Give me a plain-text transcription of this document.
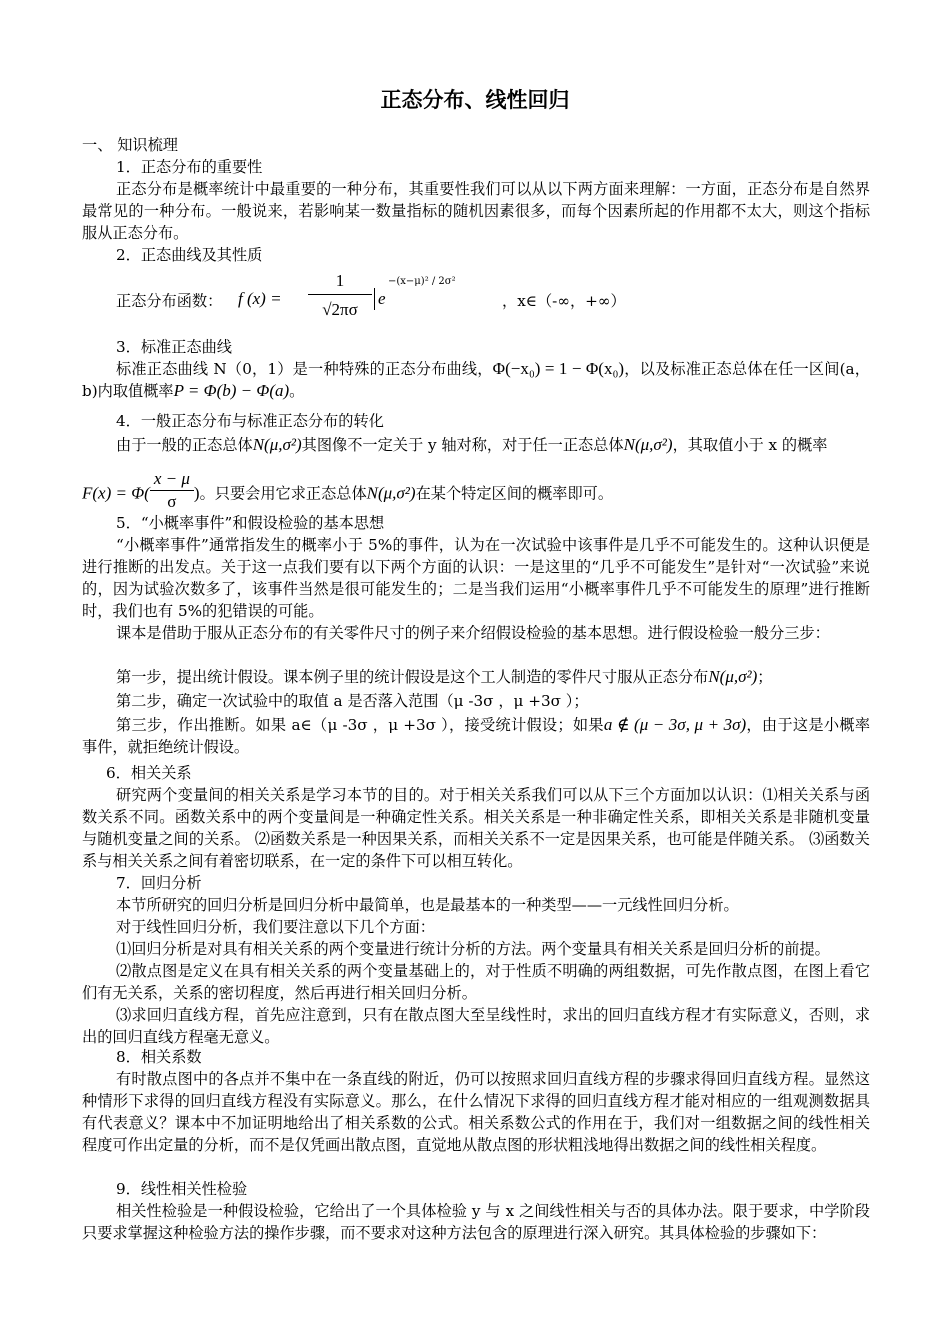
正态分布、线性回归
一、 知识梳理
1．正态分布的重要性
正态分布是概率统计中最重要的一种分布，其重要性我们可以从以下两方面来理解：一方面，正态分布是自然界最常见的一种分布。一般说来，若影响某一数量指标的随机因素很多，而每个因素所起的作用都不太大，则这个指标服从正态分布。
2．正态曲线及其性质
正态分布函数： f $(x) = \frac{1}{√2\pi\sigma}$ e
−(x−μ)² / 2σ²
，x∈（-∞，+∞）
3．标准正态曲线
标准正态曲线 N（0，1）是一种特殊的正态分布曲线，Φ(−x₀) = 1 − Φ(x₀)，以及标准正态总体在任一区间(a，b)内取值概率P = Φ(b) − Φ(a)。
4．一般正态分布与标准正态分布的转化
由于一般的正态总体N(μ,σ²)其图像不一定关于 y 轴对称，对于任一正态总体N(μ,σ²)，其取值小于 x 的概率
$F(x) = \Phi( \frac{x - \mu}{\sigma}$ )。只要会用它求正态总体N(μ,σ²)在某个特定区间的概率即可。
5．“小概率事件”和假设检验的基本思想
“小概率事件”通常指发生的概率小于 5%的事件，认为在一次试验中该事件是几乎不可能发生的。这种认识便是进行推断的出发点。关于这一点我们要有以下两个方面的认识：一是这里的“几乎不可能发生”是针对“一次试验”来说的，因为试验次数多了，该事件当然是很可能发生的；二是当我们运用“小概率事件几乎不可能发生的原理”进行推断时，我们也有 5%的犯错误的可能。
课本是借助于服从正态分布的有关零件尺寸的例子来介绍假设检验的基本思想。进行假设检验一般分三步：
第一步，提出统计假设。课本例子里的统计假设是这个工人制造的零件尺寸服从正态分布N(μ,σ²)；
第二步，确定一次试验中的取值 a 是否落入范围（μ -3σ ，μ +3σ ）；
第三步，作出推断。如果 a∈（μ -3σ ，μ +3σ ），接受统计假设；如果a ∉ (μ − 3σ, μ + 3σ)，由于这是小概率事件，就拒绝统计假设。
6．相关关系
研究两个变量间的相关关系是学习本节的目的。对于相关关系我们可以从下三个方面加以认识：⑴相关关系与函数关系不同。函数关系中的两个变量间是一种确定性关系。相关关系是一种非确定性关系，即相关关系是非随机变量与随机变量之间的关系。 ⑵函数关系是一种因果关系，而相关关系不一定是因果关系，也可能是伴随关系。 ⑶函数关系与相关关系之间有着密切联系，在一定的条件下可以相互转化。
7．回归分析
本节所研究的回归分析是回归分析中最简单，也是最基本的一种类型——一元线性回归分析。
对于线性回归分析，我们要注意以下几个方面：
⑴回归分析是对具有相关关系的两个变量进行统计分析的方法。两个变量具有相关关系是回归分析的前提。
⑵散点图是定义在具有相关关系的两个变量基础上的，对于性质不明确的两组数据，可先作散点图，在图上看它们有无关系，关系的密切程度，然后再进行相关回归分析。
⑶求回归直线方程，首先应注意到，只有在散点图大至呈线性时，求出的回归直线方程才有实际意义，否则，求出的回归直线方程毫无意义。
8．相关系数
有时散点图中的各点并不集中在一条直线的附近，仍可以按照求回归直线方程的步骤求得回归直线方程。显然这种情形下求得的回归直线方程没有实际意义。那么，在什么情况下求得的回归直线方程才能对相应的一组观测数据具有代表意义？课本中不加证明地给出了相关系数的公式。相关系数公式的作用在于，我们对一组数据之间的线性相关程度可作出定量的分析，而不是仅凭画出散点图，直觉地从散点图的形状粗浅地得出数据之间的线性相关程度。
9．线性相关性检验
相关性检验是一种假设检验，它给出了一个具体检验 y 与 x 之间线性相关与否的具体办法。限于要求，中学阶段只要求掌握这种检验方法的操作步骤，而不要求对这种方法包含的原理进行深入研究。其具体检验的步骤如下：
